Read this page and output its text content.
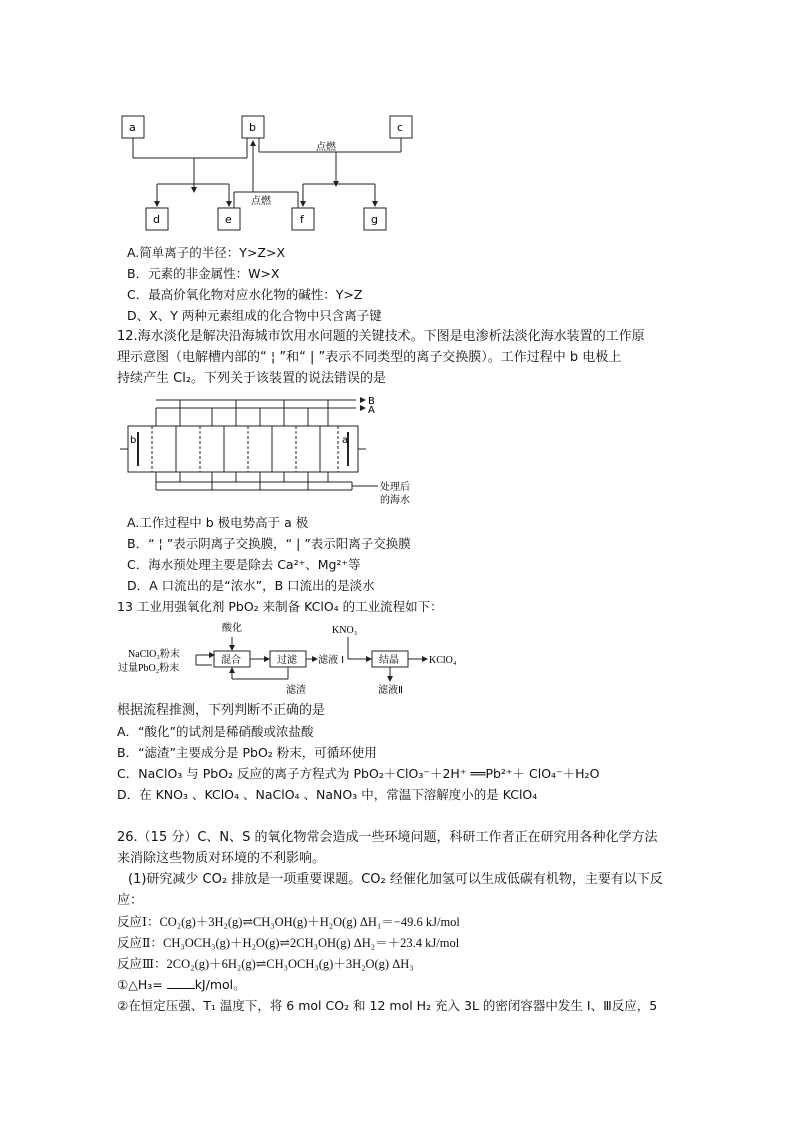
a	b	c
d	e	f	g
点燃
点燃
A.简单离子的半径：Y>Z>X
B．元素的非金属性：W>X
C．最高价氧化物对应水化物的碱性：Y>Z
D、X、Y 两种元素组成的化合物中只含离子键
12.海水淡化是解决沿海城市饮用水问题的关键技术。下图是电渗析法淡化海水装置的工作原
理示意图（电解槽内部的“ ¦ ”和“ | ”表示不同类型的离子交换膜）。工作过程中 b 电极上
持续产生 Cl₂。下列关于该装置的说法错误的是
B
A
b	a
处理后
的海水
A.工作过程中 b 极电势高于 a 极
B．“ ¦ ”表示阴离子交换膜，“ | ”表示阳离子交换膜
C．海水预处理主要是除去 Ca²⁺、Mg²⁺等
D．A 口流出的是“浓水”，B 口流出的是淡水
13 工业用强氧化剂 PbO₂ 来制备 KClO₄ 的工业流程如下：
酸化
NaClO₃粉末
过量PbO₂粉末
混合	过滤 滤液 I
KNO₃
结晶	KClO₄
滤渣	滤液Ⅱ
根据流程推测，下列判断不正确的是
A．“酸化”的试剂是稀硝酸或浓盐酸
B．“滤渣”主要成分是 PbO₂ 粉末，可循环使用
C．NaClO₃ 与 PbO₂ 反应的离子方程式为 PbO₂＋ClO₃⁻＋2H⁺ ══Pb²⁺＋ ClO₄⁻＋H₂O
D．在 KNO₃ 、KClO₄ 、NaClO₄ 、NaNO₃ 中，常温下溶解度小的是 KClO₄
26.（15 分）C、N、S 的氧化物常会造成一些环境问题，科研工作者正在研究用各种化学方法
来消除这些物质对环境的不利影响。
(1)研究减少 CO₂ 排放是一项重要课题。CO₂ 经催化加氢可以生成低碳有机物，主要有以下反
应：
反应Ⅰ：CO₂(g)＋3H₂(g)⇌CH₃OH(g)＋H₂O(g) ΔH₁＝−49.6 kJ/mol
反应Ⅱ：CH₃OCH₃(g)＋H₂O(g)⇌2CH₃OH(g) ΔH₂＝＋23.4 kJ/mol
反应Ⅲ：2CO₂(g)＋6H₂(g)⇌CH₃OCH₃(g)＋3H₂O(g) ΔH₃
①△H₃=	kJ/mol。
②在恒定压强、T₁ 温度下，将 6 mol CO₂ 和 12 mol H₂ 充入 3L 的密闭容器中发生 I、Ⅲ反应，5
